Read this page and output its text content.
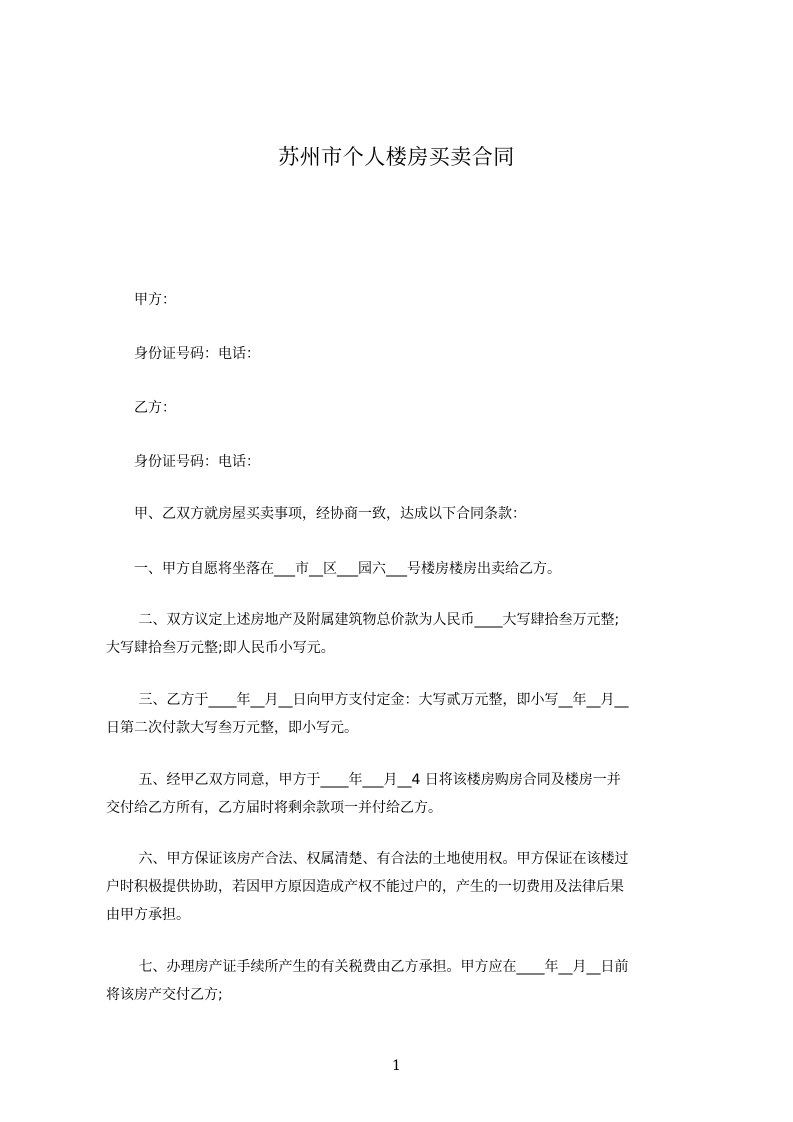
苏州市个人楼房买卖合同
　　甲方：
　　身份证号码：电话：
　　乙方：
　　身份证号码：电话：
　　甲、乙双方就房屋买卖事项，经协商一致，达成以下合同条款：
　　一、甲方自愿将坐落在___市__区___园六___号楼房楼房出卖给乙方。
　　 二、双方议定上述房地产及附属建筑物总价款为人民币____大写肆拾叁万元整;
大写肆拾叁万元整;即人民币小写元。
　　 三、乙方于____年__月__日向甲方支付定金：大写贰万元整，即小写__年__月__
日第二次付款大写叁万元整，即小写元。
　　 五、经甲乙双方同意，甲方于____年___月__4 日将该楼房购房合同及楼房一并
交付给乙方所有，乙方届时将剩余款项一并付给乙方。
　　 六、甲方保证该房产合法、权属清楚、有合法的土地使用权。甲方保证在该楼过
户时积极提供协助，若因甲方原因造成产权不能过户的，产生的一切费用及法律后果
由甲方承担。
　　 七、办理房产证手续所产生的有关税费由乙方承担。甲方应在____年__月__日前
将该房产交付乙方;
1
